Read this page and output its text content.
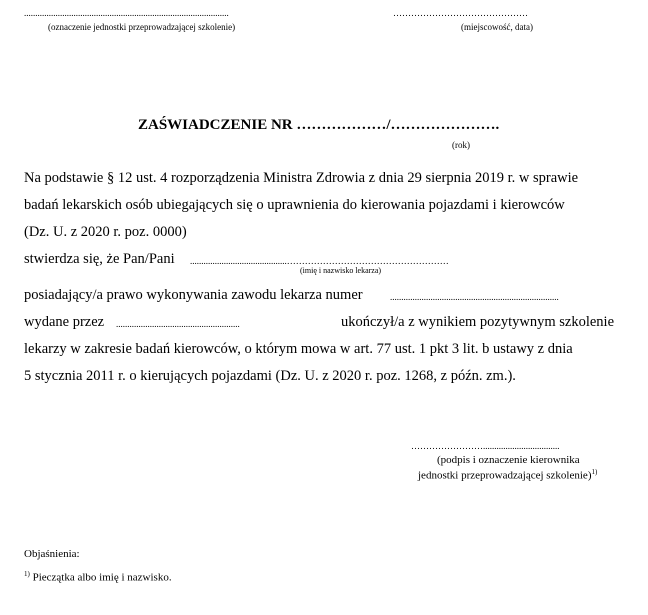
...........................................................................................
(oznaczenie jednostki przeprowadzającej szkolenie)
………………………………………
(miejscowość, data)
ZAŚWIADCZENIE NR ………………/………………….
(rok)
Na podstawie § 12 ust. 4 rozporządzenia Ministra Zdrowia z dnia 29 sierpnia 2019 r. w sprawie
badań lekarskich osób ubiegających się o uprawnienia do kierowania pojazdami i kierowców
(Dz. U. z 2020 r. poz. 0000)
stwierdza się, że Pan/Pani ...........................................………………………………………………
(imię i nazwisko lekarza)
posiadający/a prawo wykonywania zawodu lekarza numer	...........................................................................
wydane przez .......................................................	ukończył/a z wynikiem pozytywnym szkolenie
lekarzy w zakresie badań kierowców, o którym mowa w art. 77 ust. 1 pkt 3 lit. b ustawy z dnia
5 stycznia 2011 r. o kierujących pojazdami (Dz. U. z 2020 r. poz. 1268, z późn. zm.).
……………………..................................
(podpis i oznaczenie kierownika
jednostki przeprowadzającej szkolenie)$^{1)}$
Objaśnienia:
$^{1)}$ Pieczątka albo imię i nazwisko.
